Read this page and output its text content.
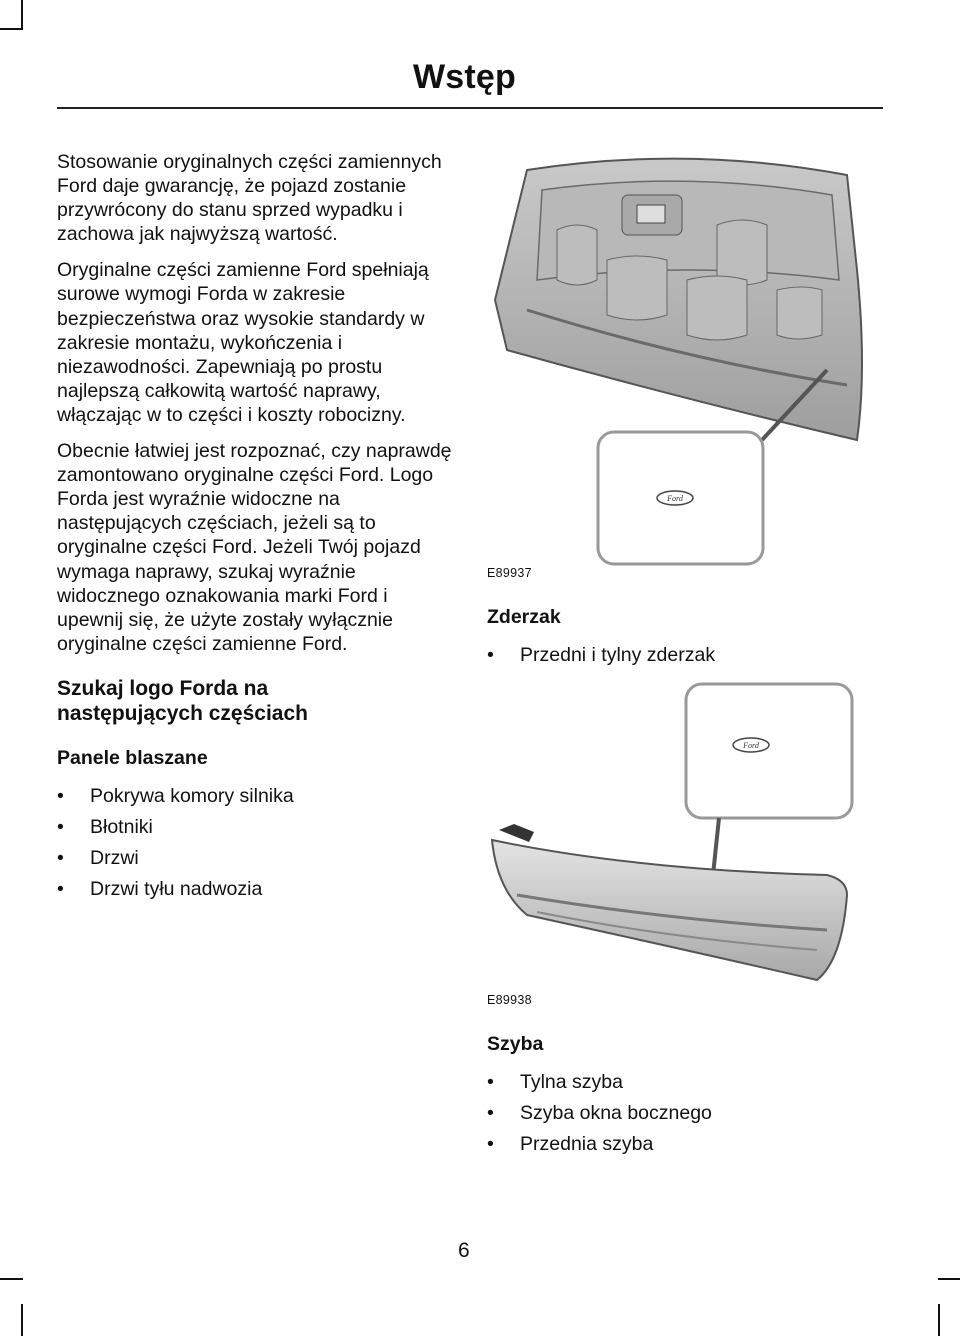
Wstęp

Stosowanie oryginalnych części zamiennych Ford daje gwarancję, że pojazd zostanie przywrócony do stanu sprzed wypadku i zachowa jak najwyższą wartość.

Oryginalne części zamienne Ford spełniają surowe wymogi Forda w zakresie bezpieczeństwa oraz wysokie standardy w zakresie montażu, wykończenia i niezawodności. Zapewniają po prostu najlepszą całkowitą wartość naprawy, włączając w to części i koszty robocizny.

Obecnie łatwiej jest rozpoznać, czy naprawdę zamontowano oryginalne części Ford. Logo Forda jest wyraźnie widoczne na następujących częściach, jeżeli są to oryginalne części Ford. Jeżeli Twój pojazd wymaga naprawy, szukaj wyraźnie widocznego oznakowania marki Ford i upewnij się, że użyte zostały wyłącznie oryginalne części zamienne Ford.

Szukaj logo Forda na następujących częściach
Panele blaszane
• Pokrywa komory silnika
• Błotniki
• Drzwi
• Drzwi tyłu nadwozia
Ford
E89937
Zderzak
• Przedni i tylny zderzak
Ford
E89938
Szyba
• Tylna szyba
• Szyba okna bocznego
• Przednia szyba
6
